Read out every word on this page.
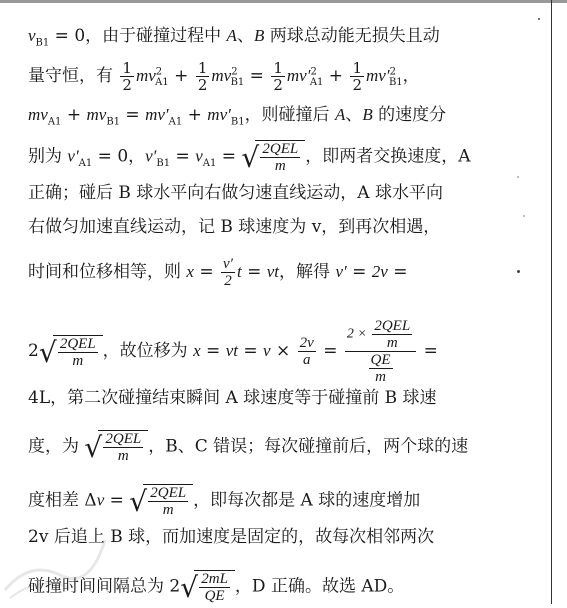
$v_{B1} = 0$，由于碰撞过程中 A、B 两球总动能无损失且动
量守恒，有 $\frac{1}{2} mv^2_{A1} + \frac{1}{2} mv^2_{B1} = \frac{1}{2} mv'^2_{A1} + \frac{1}{2} mv'^2_{B1}$，
$mv_{A1} + mv_{B1} = mv'_{A1} + mv'_{B1}$，则碰撞后 A、B 的速度分
别为 $v'_{A1} = 0$，$v'_{B1} = v_{A1}$ = √ $\frac{\text{2QEL}}{m}$ ，即两者交换速度，A
正确；碰后 B 球水平向右做匀速直线运动，A 球水平向
右做匀加速直线运动，记 B 球速度为 v，到再次相遇，
时间和位移相等，则 $x = \frac{v'}{2}$ t = vt，解得 v′ = 2v =
2 √ $\frac{\text{2QEL}}{m}$ ，故位移为 x = vt = $v \times \frac{2v}{a} = \frac{2 \times \frac{\text{2QEL}}{m}}{\frac{QE}{m}}$ =
4L，第二次碰撞结束瞬间 A 球速度等于碰撞前 B 球速
度，为 √ $\frac{\text{2QEL}}{m}$ ，B、C 错误；每次碰撞前后，两个球的速
度相差 Δv = √ $\frac{\text{2QEL}}{m}$ ，即每次都是 A 球的速度增加
2v 后追上 B 球，而加速度是固定的，故每次相邻两次
碰撞时间间隔总为 2 √ $\frac{2mL}{QE}$ ，D 正确。故选 AD。
